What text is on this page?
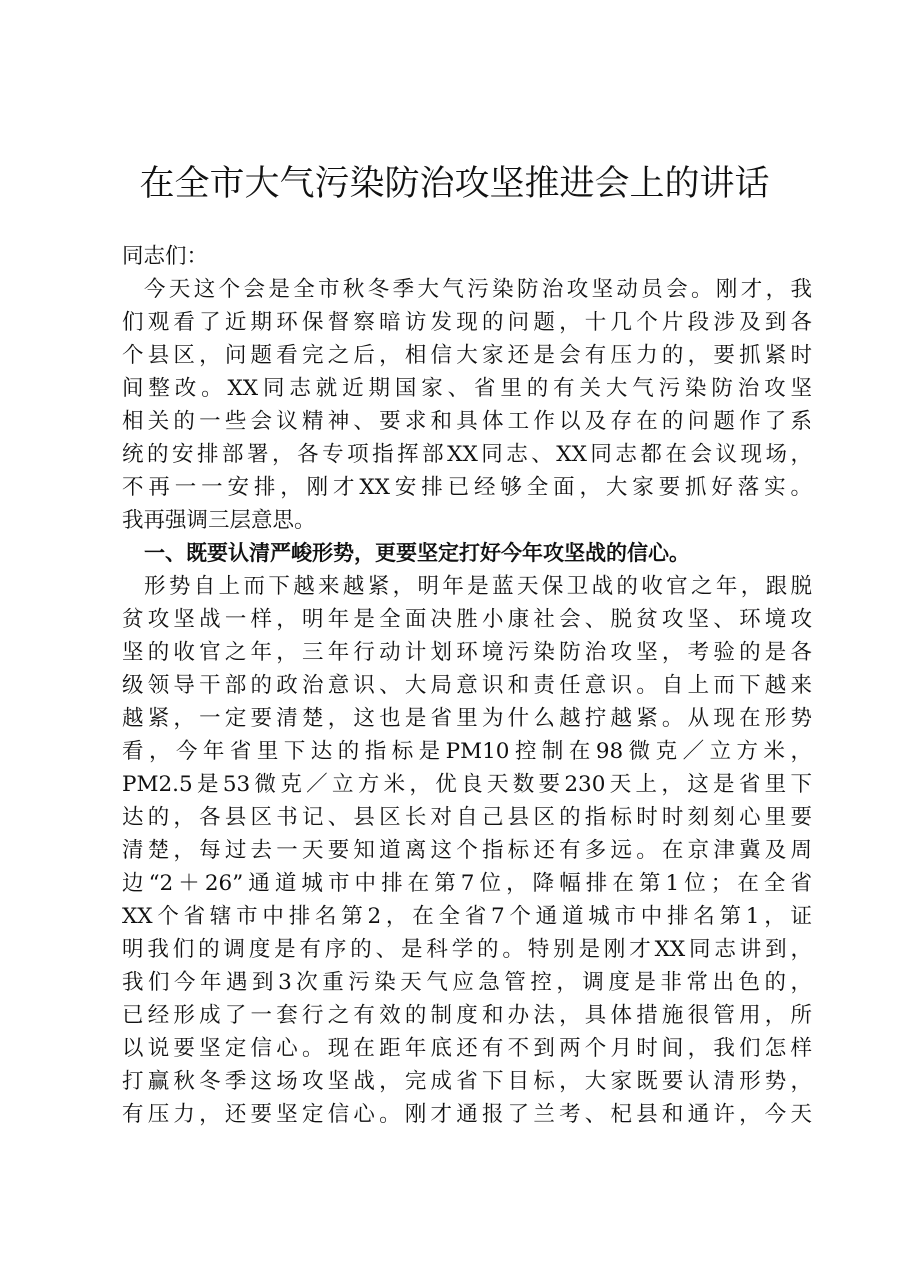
在全市大气污染防治攻坚推进会上的讲话
同志们：
今天这个会是全市秋冬季大气污染防治攻坚动员会。刚才，我
们观看了近期环保督察暗访发现的问题，十几个片段涉及到各
个县区，问题看完之后，相信大家还是会有压力的，要抓紧时
间整改。XX同志就近期国家、省里的有关大气污染防治攻坚
相关的一些会议精神、要求和具体工作以及存在的问题作了系
统的安排部署，各专项指挥部XX同志、XX同志都在会议现场，
不再一一安排，刚才XX安排已经够全面，大家要抓好落实。
我再强调三层意思。
一、既要认清严峻形势，更要坚定打好今年攻坚战的信心。
形势自上而下越来越紧，明年是蓝天保卫战的收官之年，跟脱
贫攻坚战一样，明年是全面决胜小康社会、脱贫攻坚、环境攻
坚的收官之年，三年行动计划环境污染防治攻坚，考验的是各
级领导干部的政治意识、大局意识和责任意识。自上而下越来
越紧，一定要清楚，这也是省里为什么越拧越紧。从现在形势
看，今年省里下达的指标是PM10控制在98微克／立方米，
PM2.5是53微克／立方米，优良天数要230天上，这是省里下
达的，各县区书记、县区长对自己县区的指标时时刻刻心里要
清楚，每过去一天要知道离这个指标还有多远。在京津冀及周
边“2＋26”通道城市中排在第7位，降幅排在第1位；在全省
XX个省辖市中排名第2，在全省7个通道城市中排名第1，证
明我们的调度是有序的、是科学的。特别是刚才XX同志讲到，
我们今年遇到3次重污染天气应急管控，调度是非常出色的，
已经形成了一套行之有效的制度和办法，具体措施很管用，所
以说要坚定信心。现在距年底还有不到两个月时间，我们怎样
打赢秋冬季这场攻坚战，完成省下目标，大家既要认清形势，
有压力，还要坚定信心。刚才通报了兰考、杞县和通许，今天
